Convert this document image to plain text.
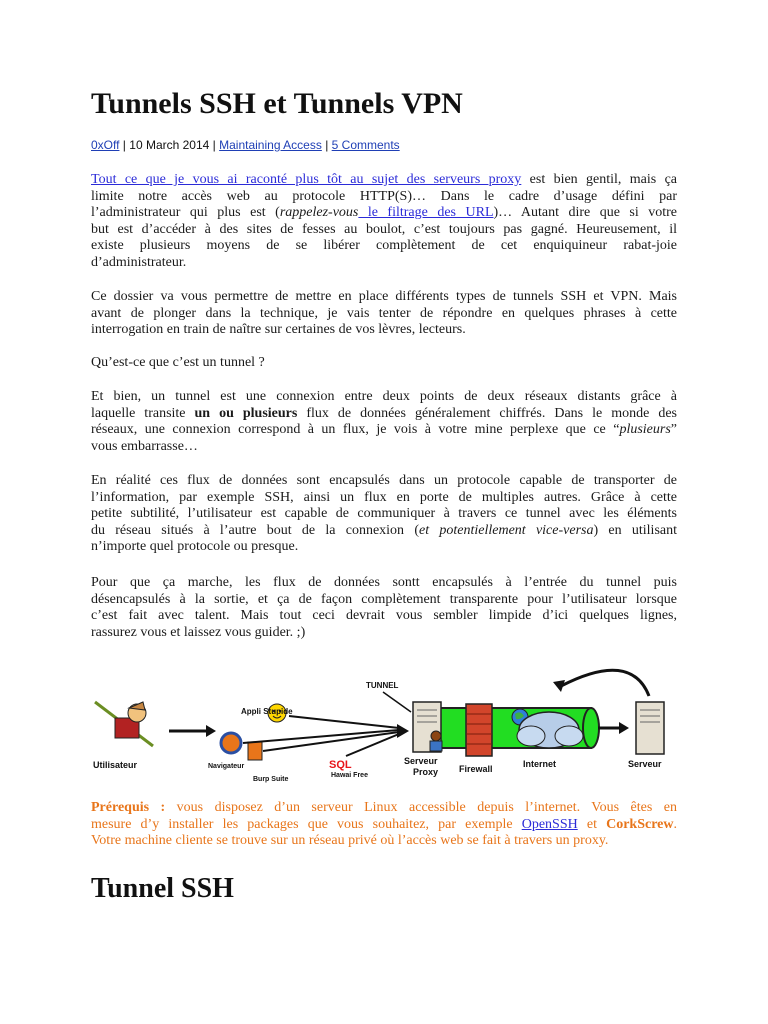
Tunnels SSH et Tunnels VPN
0xOff | 10 March 2014 | Maintaining Access | 5 Comments
Tout ce que je vous ai raconté plus tôt au sujet des serveurs proxy est bien gentil, mais ça
limite notre accès web au protocole HTTP(S)… Dans le cadre d’usage défini par
l’administrateur qui plus est (rappelez-vous le filtrage des URL)… Autant dire que si votre
but est d’accéder à des sites de fesses au boulot, c’est toujours pas gagné. Heureusement, il
existe plusieurs moyens de se libérer complètement de cet enquiquineur rabat-joie
d’administrateur.
Ce dossier va vous permettre de mettre en place différents types de tunnels SSH et VPN. Mais
avant de plonger dans la technique, je vais tenter de répondre en quelques phrases à cette
interrogation en train de naître sur certaines de vos lèvres, lecteurs.
Qu’est-ce que c’est un tunnel ?
Et bien, un tunnel est une connexion entre deux points de deux réseaux distants grâce à
laquelle transite un ou plusieurs flux de données généralement chiffrés. Dans le monde des
réseaux, une connexion correspond à un flux, je vois à votre mine perplexe que ce “plusieurs”
vous embarrasse…
En réalité ces flux de données sont encapsulés dans un protocole capable de transporter de
l’information, par exemple SSH, ainsi un flux en porte de multiples autres. Grâce à cette
petite subtilité, l’utilisateur est capable de communiquer à travers ce tunnel avec les éléments
du réseau situés à l’autre bout de la connexion (et potentiellement vice-versa) en utilisant
n’importe quel protocole ou presque.
Pour que ça marche, les flux de données sontt encapsulés à l’entrée du tunnel puis
désencapsulés à la sortie, et ça de façon complètement transparente pour l’utilisateur lorsque
c’est fait avec talent. Mais tout ceci devrait vous sembler limpide d’ici quelques lignes,
rassurez vous et laissez vous guider. ;)
Prérequis : vous disposez d’un serveur Linux accessible depuis l’internet. Vous êtes en
mesure d’y installer les packages que vous souhaitez, par exemple OpenSSH et CorkScrew.
Votre machine cliente se trouve sur un réseau privé où l’accès web se fait à travers un proxy.
Tunnel SSH
Appli Stupide
Navigateur
Burp Suite
SQL
Hawai Free
TUNNEL
Serveur
Proxy Firewall	Internet	Serveur
Utilisateur
